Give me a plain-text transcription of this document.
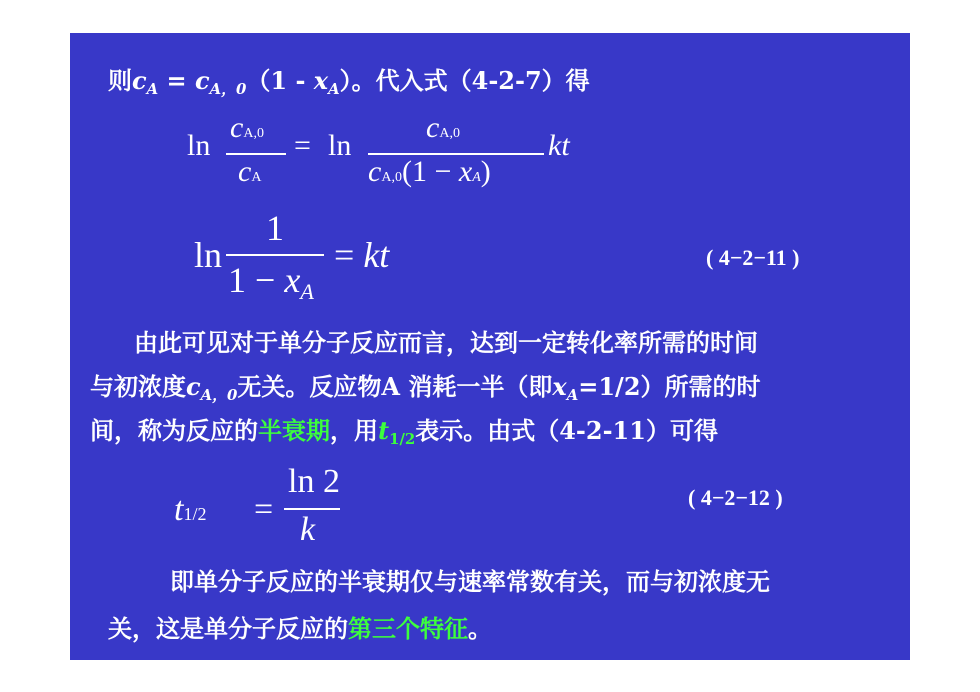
则$c_A = c_{A,0}(1 - x_A)$。代入式（4-2-7）得
ln
cA,0
cA
= ln
cA,0
cA,0(1 − xA)
kt
ln
1
$1 - x_A$
= kt	( 4−2−11 )
由此可见对于单分子反应而言，达到一定转化率所需的时间
与初浓度$c_{A,0}$无关。反应物A 消耗一半（即$x_A=1/2$）所需的时
间，称为反应的半衰期，用$t_{1/2}$表示。由式（4-2-11）可得
t1/2 =
ln 2
k
( 4−2−12 )
即单分子反应的半衰期仅与速率常数有关，而与初浓度无
关，这是单分子反应的第三个特征。
